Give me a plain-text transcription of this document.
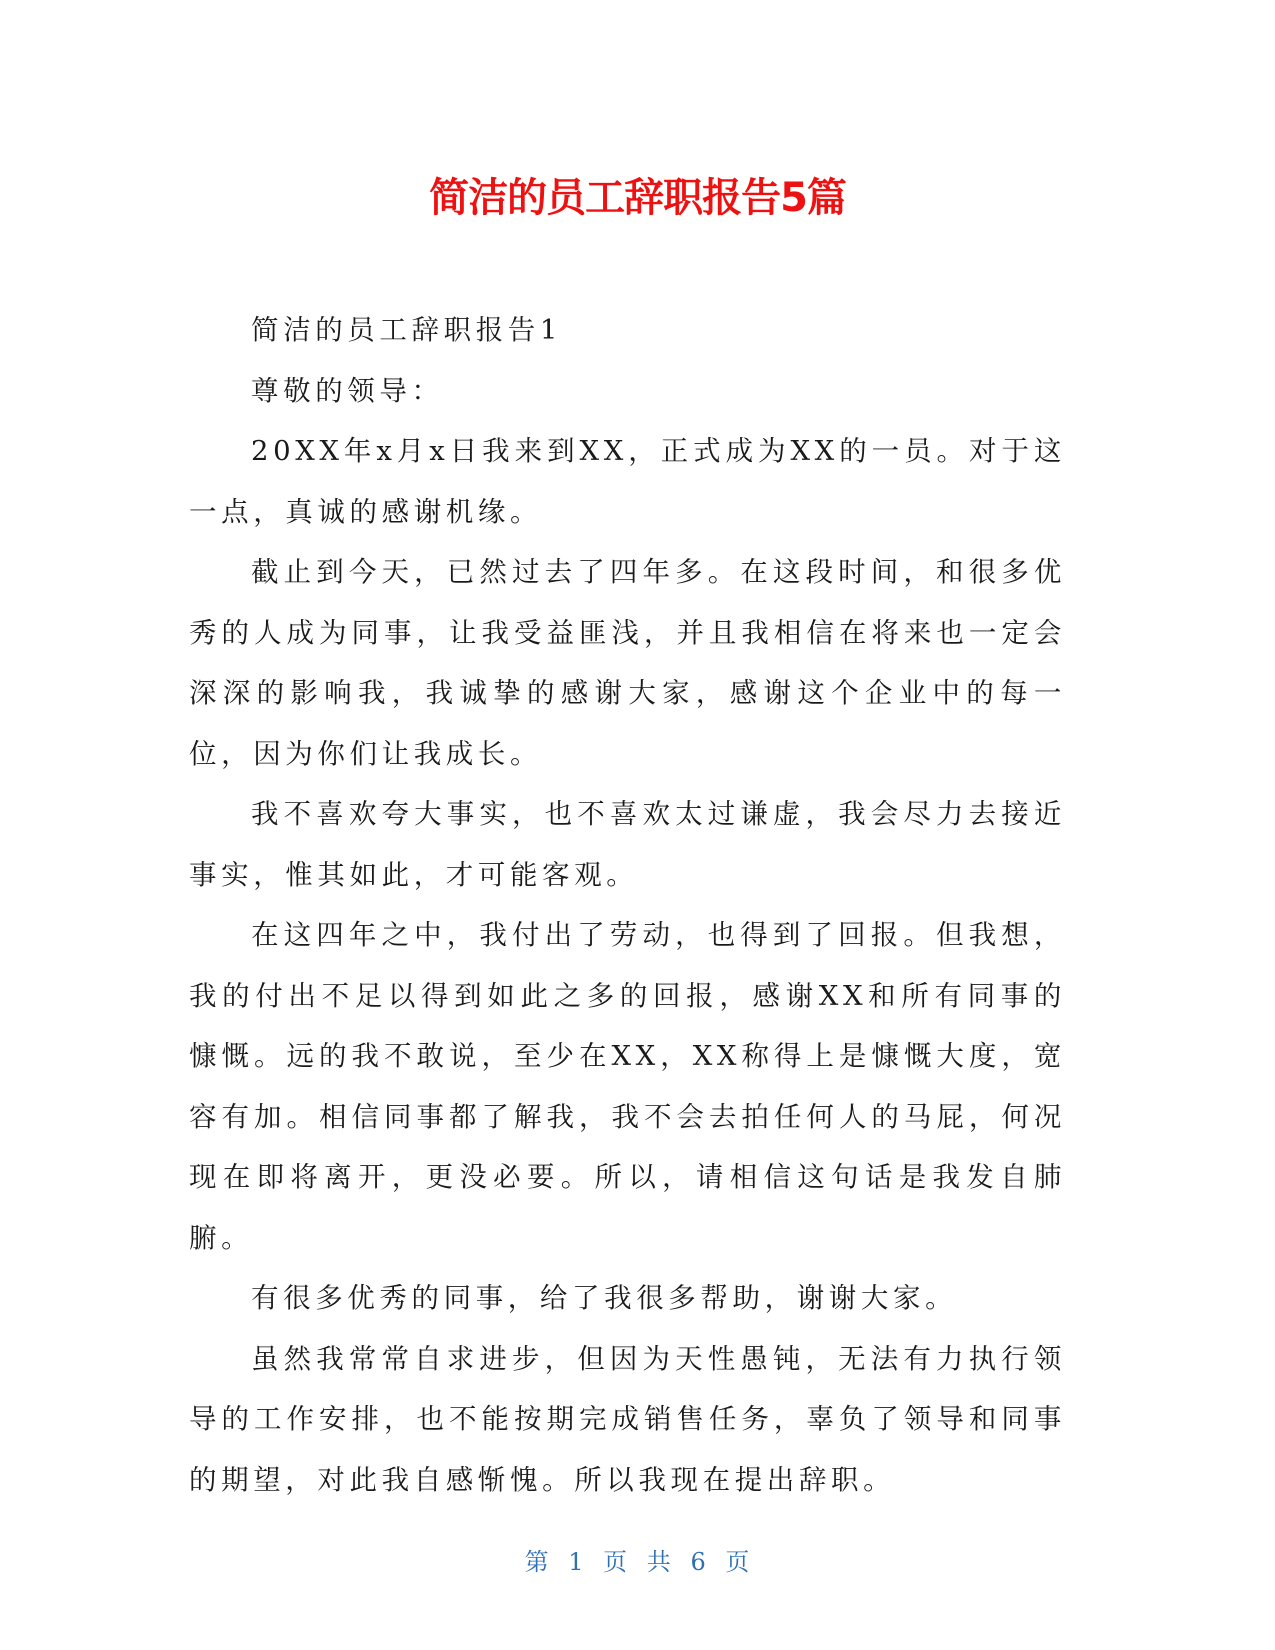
简洁的员工辞职报告5篇

简洁的员工辞职报告1

尊敬的领导：

20XX年x月x日我来到XX，正式成为XX的一员。对于这一点，真诚的感谢机缘。

截止到今天，已然过去了四年多。在这段时间，和很多优秀的人成为同事，让我受益匪浅，并且我相信在将来也一定会深深的影响我，我诚挚的感谢大家，感谢这个企业中的每一位，因为你们让我成长。

我不喜欢夸大事实，也不喜欢太过谦虚，我会尽力去接近事实，惟其如此，才可能客观。

在这四年之中，我付出了劳动，也得到了回报。但我想，我的付出不足以得到如此之多的回报，感谢XX和所有同事的慷慨。远的我不敢说，至少在XX，XX称得上是慷慨大度，宽容有加。相信同事都了解我，我不会去拍任何人的马屁，何况现在即将离开，更没必要。所以，请相信这句话是我发自肺腑。

有很多优秀的同事，给了我很多帮助，谢谢大家。

虽然我常常自求进步，但因为天性愚钝，无法有力执行领导的工作安排，也不能按期完成销售任务，辜负了领导和同事的期望，对此我自感惭愧。所以我现在提出辞职。

第 1 页 共 6 页
